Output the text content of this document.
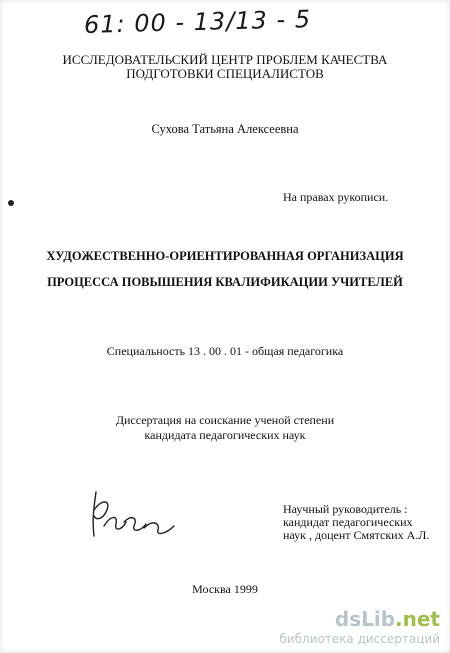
61: 00 - 13/13 - 5
ИССЛЕДОВАТЕЛЬСКИЙ ЦЕНТР ПРОБЛЕМ КАЧЕСТВА
ПОДГОТОВКИ СПЕЦИАЛИСТОВ
Сухова Татьяна Алексеевна
На правах рукописи.
ХУДОЖЕСТВЕННО-ОРИЕНТИРОВАННАЯ ОРГАНИЗАЦИЯ
ПРОЦЕССА ПОВЫШЕНИЯ КВАЛИФИКАЦИИ УЧИТЕЛЕЙ
Специальность 13 . 00 . 01 - общая педагогика
Диссертация на соискание ученой степени
кандидата педагогических наук
Научный руководитель :
кандидат педагогических
наук , доцент Смятских А.Л.
Москва 1999
dsLib.net
библиотека диссертаций
